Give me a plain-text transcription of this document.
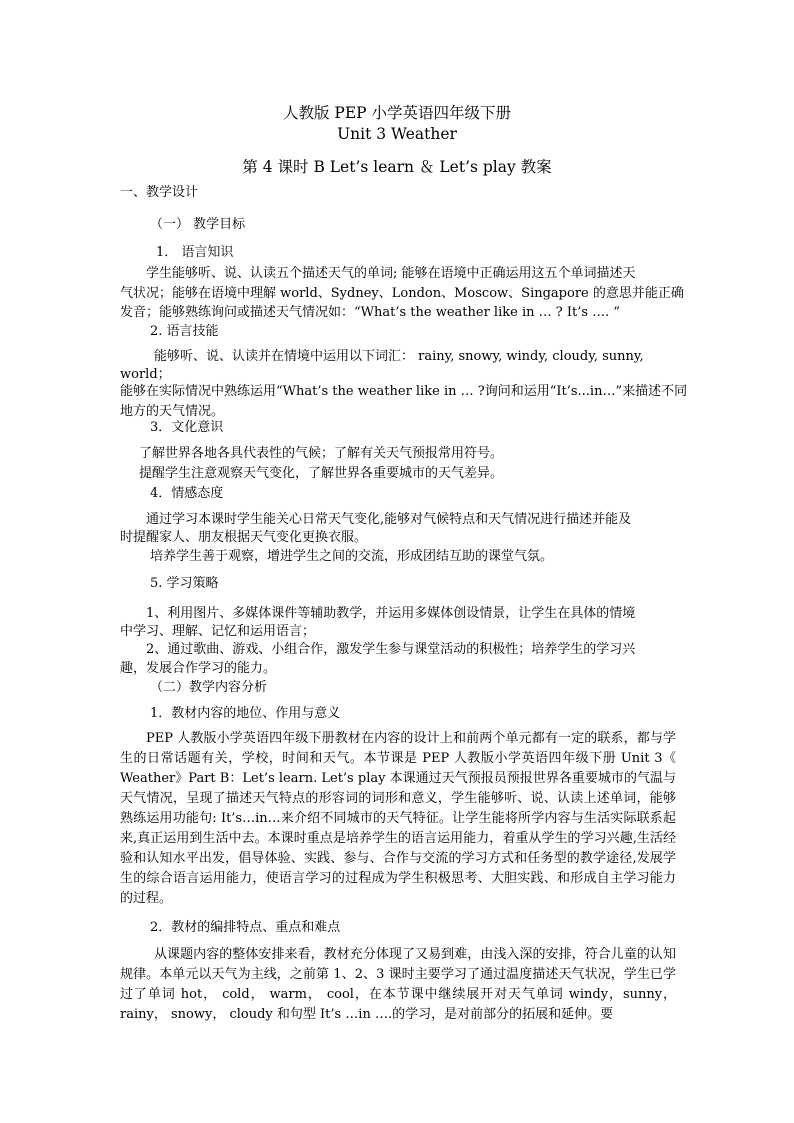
人教版 PEP 小学英语四年级下册
Unit 3 Weather
第 4 课时 B Let’s learn ＆ Let’s play 教案
一、教学设计
（一） 教学目标
1． 语言知识
学生能够听、说、认读五个描述天气的单词; 能够在语境中正确运用这五个单词描述天
气状况；能够在语境中理解 world、Sydney、London、Moscow、Singapore 的意思并能正确
发音；能够熟练询问或描述天气情况如：“What’s the weather like in … ? It’s …. ”
2. 语言技能
能够听、说、认读并在情境中运用以下词汇： rainy, snowy, windy, cloudy, sunny,
world；
能够在实际情况中熟练运用“What’s the weather like in … ?询问和运用“It’s...in…”来描述不同
地方的天气情况。
3．文化意识
了解世界各地各具代表性的气候；了解有关天气预报常用符号。
提醒学生注意观察天气变化，了解世界各重要城市的天气差异。
4．情感态度
通过学习本课时学生能关心日常天气变化,能够对气候特点和天气情况进行描述并能及
时提醒家人、朋友根据天气变化更换衣服。
培养学生善于观察，增进学生之间的交流，形成团结互助的课堂气氛。
5. 学习策略
1、利用图片、多媒体课件等辅助教学，并运用多媒体创设情景，让学生在具体的情境
中学习、理解、记忆和运用语言；
2、通过歌曲、游戏、小组合作，激发学生参与课堂活动的积极性；培养学生的学习兴
趣，发展合作学习的能力。
（二）教学内容分析
1．教材内容的地位、作用与意义
PEP 人教版小学英语四年级下册教材在内容的设计上和前两个单元都有一定的联系，都与学生的日常话题有关，学校，时间和天气。本节课是 PEP 人教版小学英语四年级下册 Unit 3《 Weather》Part B：Let’s learn. Let’s play 本课通过天气预报员预报世界各重要城市的气温与天气情况，呈现了描述天气特点的形容词的词形和意义，学生能够听、说、认读上述单词，能够熟练运用功能句: It’s…in…来介绍不同城市的天气特征。让学生能将所学内容与生活实际联系起来,真正运用到生活中去。本课时重点是培养学生的语言运用能力，着重从学生的学习兴趣,生活经验和认知水平出发，倡导体验、实践、参与、合作与交流的学习方式和任务型的教学途径,发展学生的综合语言运用能力，使语言学习的过程成为学生积极思考、大胆实践、和形成自主学习能力的过程。
2．教材的编排特点、重点和难点
从课题内容的整体安排来看，教材充分体现了又易到难，由浅入深的安排，符合儿童的认知规律。本单元以天气为主线，之前第 1、2、3 课时主要学习了通过温度描述天气状况，学生已学过了单词 hot， cold， warm， cool，在本节课中继续展开对天气单词 windy，sunny， rainy， snowy， cloudy 和句型 It’s …in ….的学习，是对前部分的拓展和延伸。要
